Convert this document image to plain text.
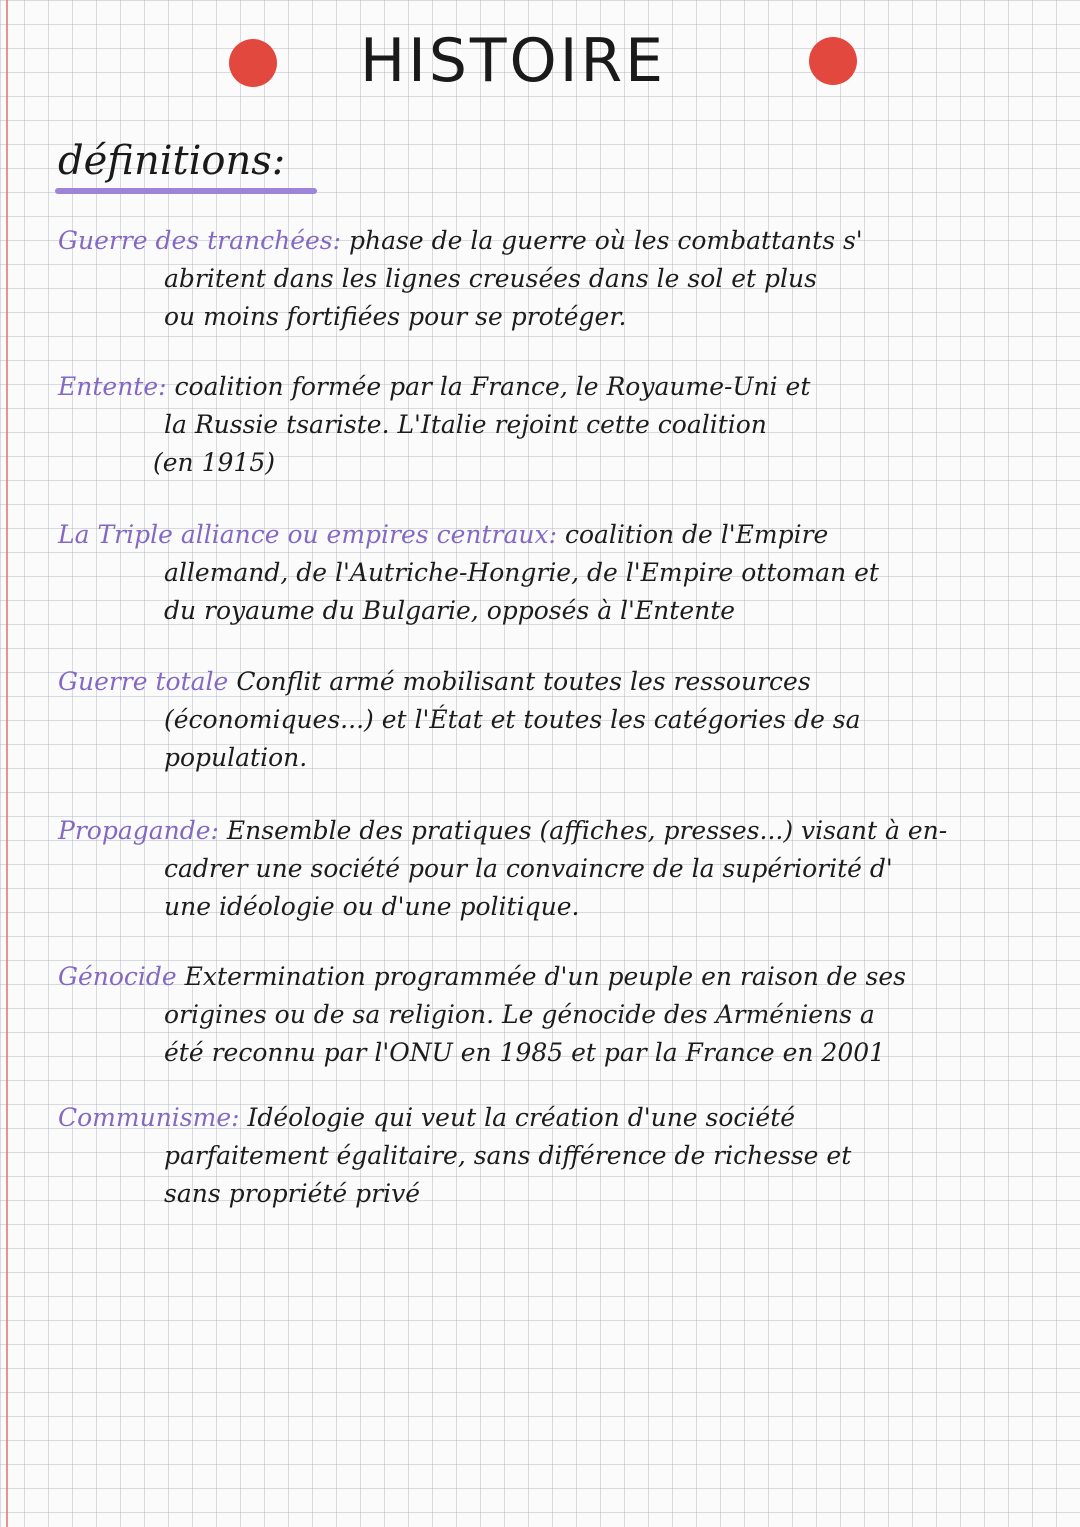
HISTOIRE
définitions:
Guerre des tranchées: phase de la guerre où les combattants s'
abritent dans les lignes creusées dans le sol et plus
ou moins fortifiées pour se protéger.
Entente: coalition formée par la France, le Royaume-Uni et
la Russie tsariste. L'Italie rejoint cette coalition
(en 1915)
La Triple alliance ou empires centraux: coalition de l'Empire
allemand, de l'Autriche-Hongrie, de l'Empire ottoman et
du royaume du Bulgarie, opposés à l'Entente
Guerre totale Conflit armé mobilisant toutes les ressources
(économiques...) et l'État et toutes les catégories de sa
population.
Propagande: Ensemble des pratiques (affiches, presses...) visant à en-
cadrer une société pour la convaincre de la supériorité d'
une idéologie ou d'une politique.
Génocide Extermination programmée d'un peuple en raison de ses
origines ou de sa religion. Le génocide des Arméniens a
été reconnu par l'ONU en 1985 et par la France en 2001
Communisme: Idéologie qui veut la création d'une société
parfaitement égalitaire, sans différence de richesse et
sans propriété privé
